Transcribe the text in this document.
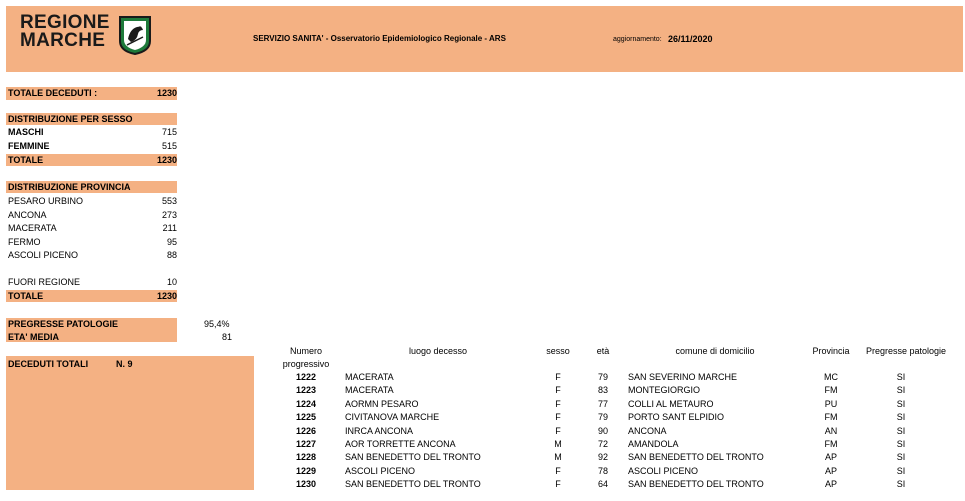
REGIONE
MARCHE	SERVIZIO SANITA' - Osservatorio Epidemiologico Regionale - ARS	aggiornamento: 26/11/2020
TOTALE DECEDUTI :	1230
DISTRIBUZIONE PER SESSO
MASCHI	715
FEMMINE	515
TOTALE	1230
DISTRIBUZIONE PROVINCIA
PESARO URBINO	553
ANCONA	273
MACERATA	211
FERMO	95
ASCOLI PICENO	88
FUORI REGIONE	10
TOTALE	1230
PREGRESSE PATOLOGIE	95,4%
ETA' MEDIA	81
DECEDUTI TOTALI	N. 9
Numero
progressivo
luogo decesso	sesso	età	comune di domicilio	Provincia	Pregresse patologie
1222	MACERATA	F	79	SAN SEVERINO MARCHE	MC	SI
1223	MACERATA	F	83	MONTEGIORGIO	FM	SI
1224	AORMN PESARO	F	77	COLLI AL METAURO	PU	SI
1225	CIVITANOVA MARCHE	F	79	PORTO SANT ELPIDIO	FM	SI
1226	INRCA ANCONA	F	90	ANCONA	AN	SI
1227	AOR TORRETTE ANCONA	M	72	AMANDOLA	FM	SI
1228	SAN BENEDETTO DEL TRONTO	M	92	SAN BENEDETTO DEL TRONTO	AP	SI
1229	ASCOLI PICENO	F	78	ASCOLI PICENO	AP	SI
1230	SAN BENEDETTO DEL TRONTO	F	64	SAN BENEDETTO DEL TRONTO	AP	SI
